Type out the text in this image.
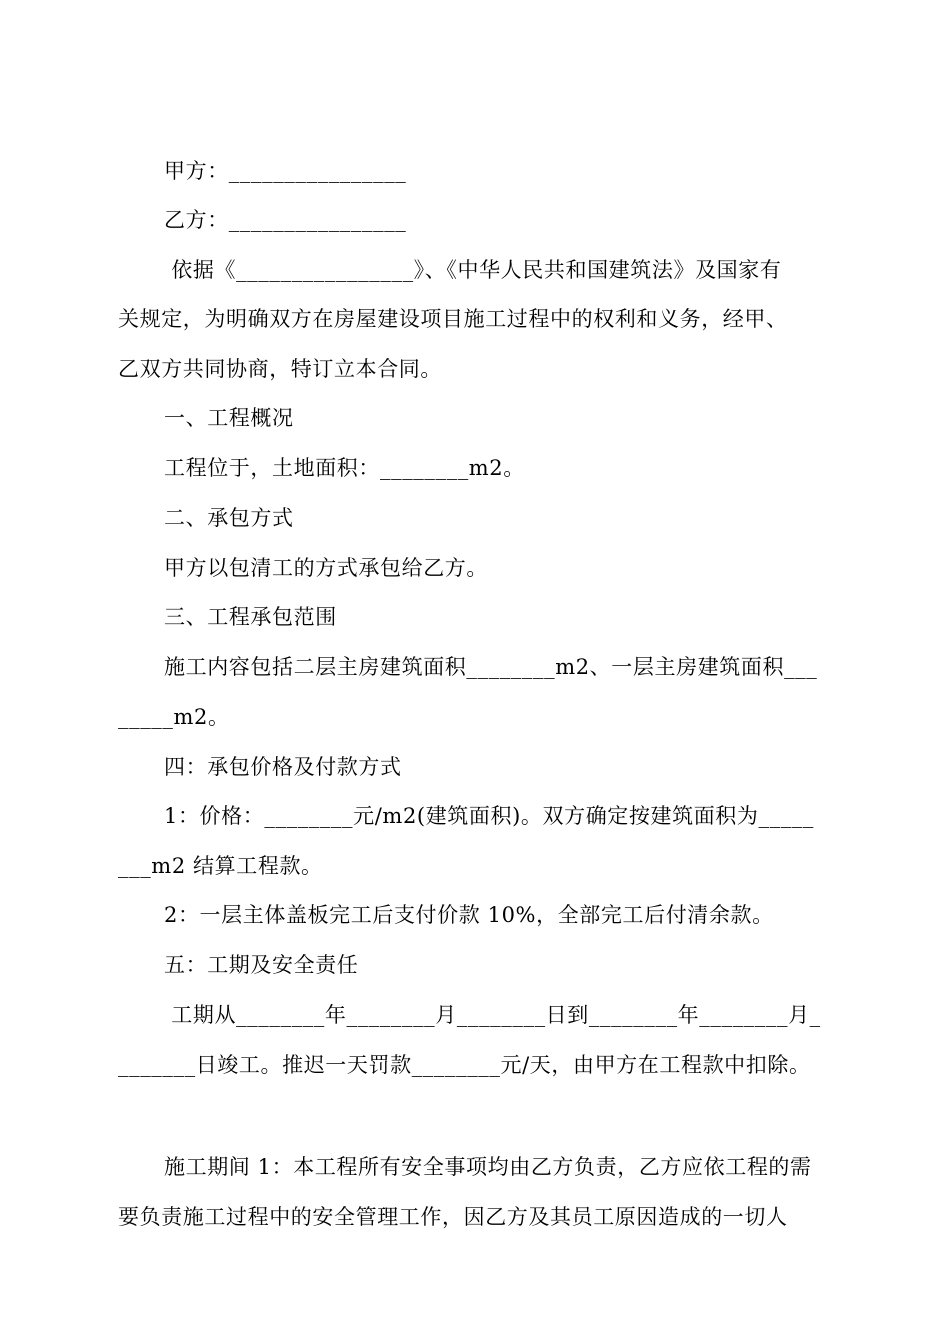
甲方：________________
乙方：________________
依据《________________》、《中华人民共和国建筑法》及国家有
关规定，为明确双方在房屋建设项目施工过程中的权利和义务，经甲、
乙双方共同协商，特订立本合同。
一、工程概况
工程位于，土地面积：________m2。
二、承包方式
甲方以包清工的方式承包给乙方。
三、工程承包范围
施工内容包括二层主房建筑面积________m2、一层主房建筑面积___
_____m2。
四：承包价格及付款方式
1：价格：________元/m2(建筑面积)。双方确定按建筑面积为_____
___m2 结算工程款。
2：一层主体盖板完工后支付价款 10%，全部完工后付清余款。
五：工期及安全责任
工期从________年________月________日到________年________月_
_______日竣工。推迟一天罚款________元/天，由甲方在工程款中扣除。
施工期间 1：本工程所有安全事项均由乙方负责，乙方应依工程的需
要负责施工过程中的安全管理工作，因乙方及其员工原因造成的一切人
